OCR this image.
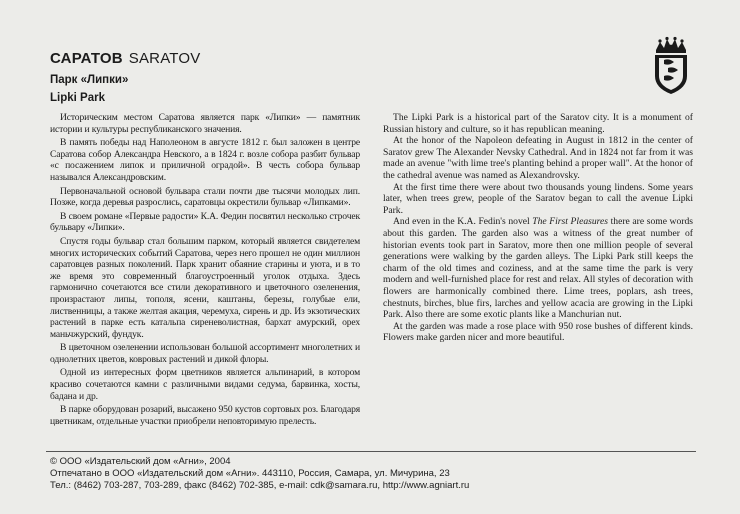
САРАТОВ SARATOV
Парк «Липки»
Lipki Park

Историческим местом Саратова является парк «Липки» — памятник истории и культуры республиканского значения.

В память победы над Наполеоном в августе 1812 г. был заложен в центре Саратова собор Александра Невского, а в 1824 г. возле собора разбит бульвар «с посажением липок и приличной оградой». В честь собора бульвар назывался Александровским.

Первоначальной основой бульвара стали почти две тысячи молодых лип. Позже, когда деревья разрослись, саратовцы окрестили бульвар «Липками».

В своем романе «Первые радости» К.А. Федин посвятил несколько строчек бульвару «Липки».

Спустя годы бульвар стал большим парком, который является свидетелем многих исторических событий Саратова, через него прошел не один миллион саратовцев разных поколений. Парк хранит обаяние старины и уюта, и в то же время это современный благоустроенный уголок отдыха. Здесь гармонично сочетаются все стили декоративного и цветочного озеленения, произрастают липы, тополя, ясени, каштаны, березы, голубые ели, лиственницы, а также желтая акация, черемуха, сирень и др. Из экзотических растений в парке есть катальпа сиреневолистная, бархат амурский, орех маньчжурский, фундук.

В цветочном озеленении использован большой ассортимент многолетних и однолетних цветов, ковровых растений и дикой флоры.

Одной из интересных форм цветников является альпинарий, в котором красиво сочетаются камни с различными видами седума, барвинка, хосты, бадана и др.

В парке оборудован розарий, высажено 950 кустов сортовых роз. Благодаря цветникам, отдельные участки приобрели неповторимую прелесть.

The Lipki Park is a historical part of the Saratov city. It is a monument of Russian history and culture, so it has republican meaning.

At the honor of the Napoleon defeating in August in 1812 in the center of Saratov grew The Alexander Nevsky Cathedral. And in 1824 not far from it was made an avenue "with lime tree's planting behind a proper wall". At the honor of the cathedral avenue was named as Alexandrovsky.

At the first time there were about two thousands young lindens. Some years later, when trees grew, people of the Saratov began to call the avenue Lipki Park.

And even in the K.A. Fedin's novel The First Pleasures there are some words about this garden. The garden also was a witness of the great number of historian events took part in Saratov, more then one million people of several generations were walking by the garden alleys. The Lipki Park still keeps the charm of the old times and coziness, and at the same time the park is very modern and well-furnished place for rest and relax. All styles of decoration with flowers are harmonically combined there. Lime trees, poplars, ash trees, chestnuts, birches, blue firs, larches and yellow acacia are growing in the Lipki Park. Also there are some exotic plants like a Manchurian nut.

At the garden was made a rose place with 950 rose bushes of different kinds. Flowers make garden nicer and more beautiful.

© ООО «Издательский дом «Агни», 2004
Отпечатано в ООО «Издательский дом «Агни». 443110, Россия, Самара, ул. Мичурина, 23
Тел.: (8462) 703-287, 703-289, факс (8462) 702-385, e-mail: cdk@samara.ru, http://www.agniart.ru
